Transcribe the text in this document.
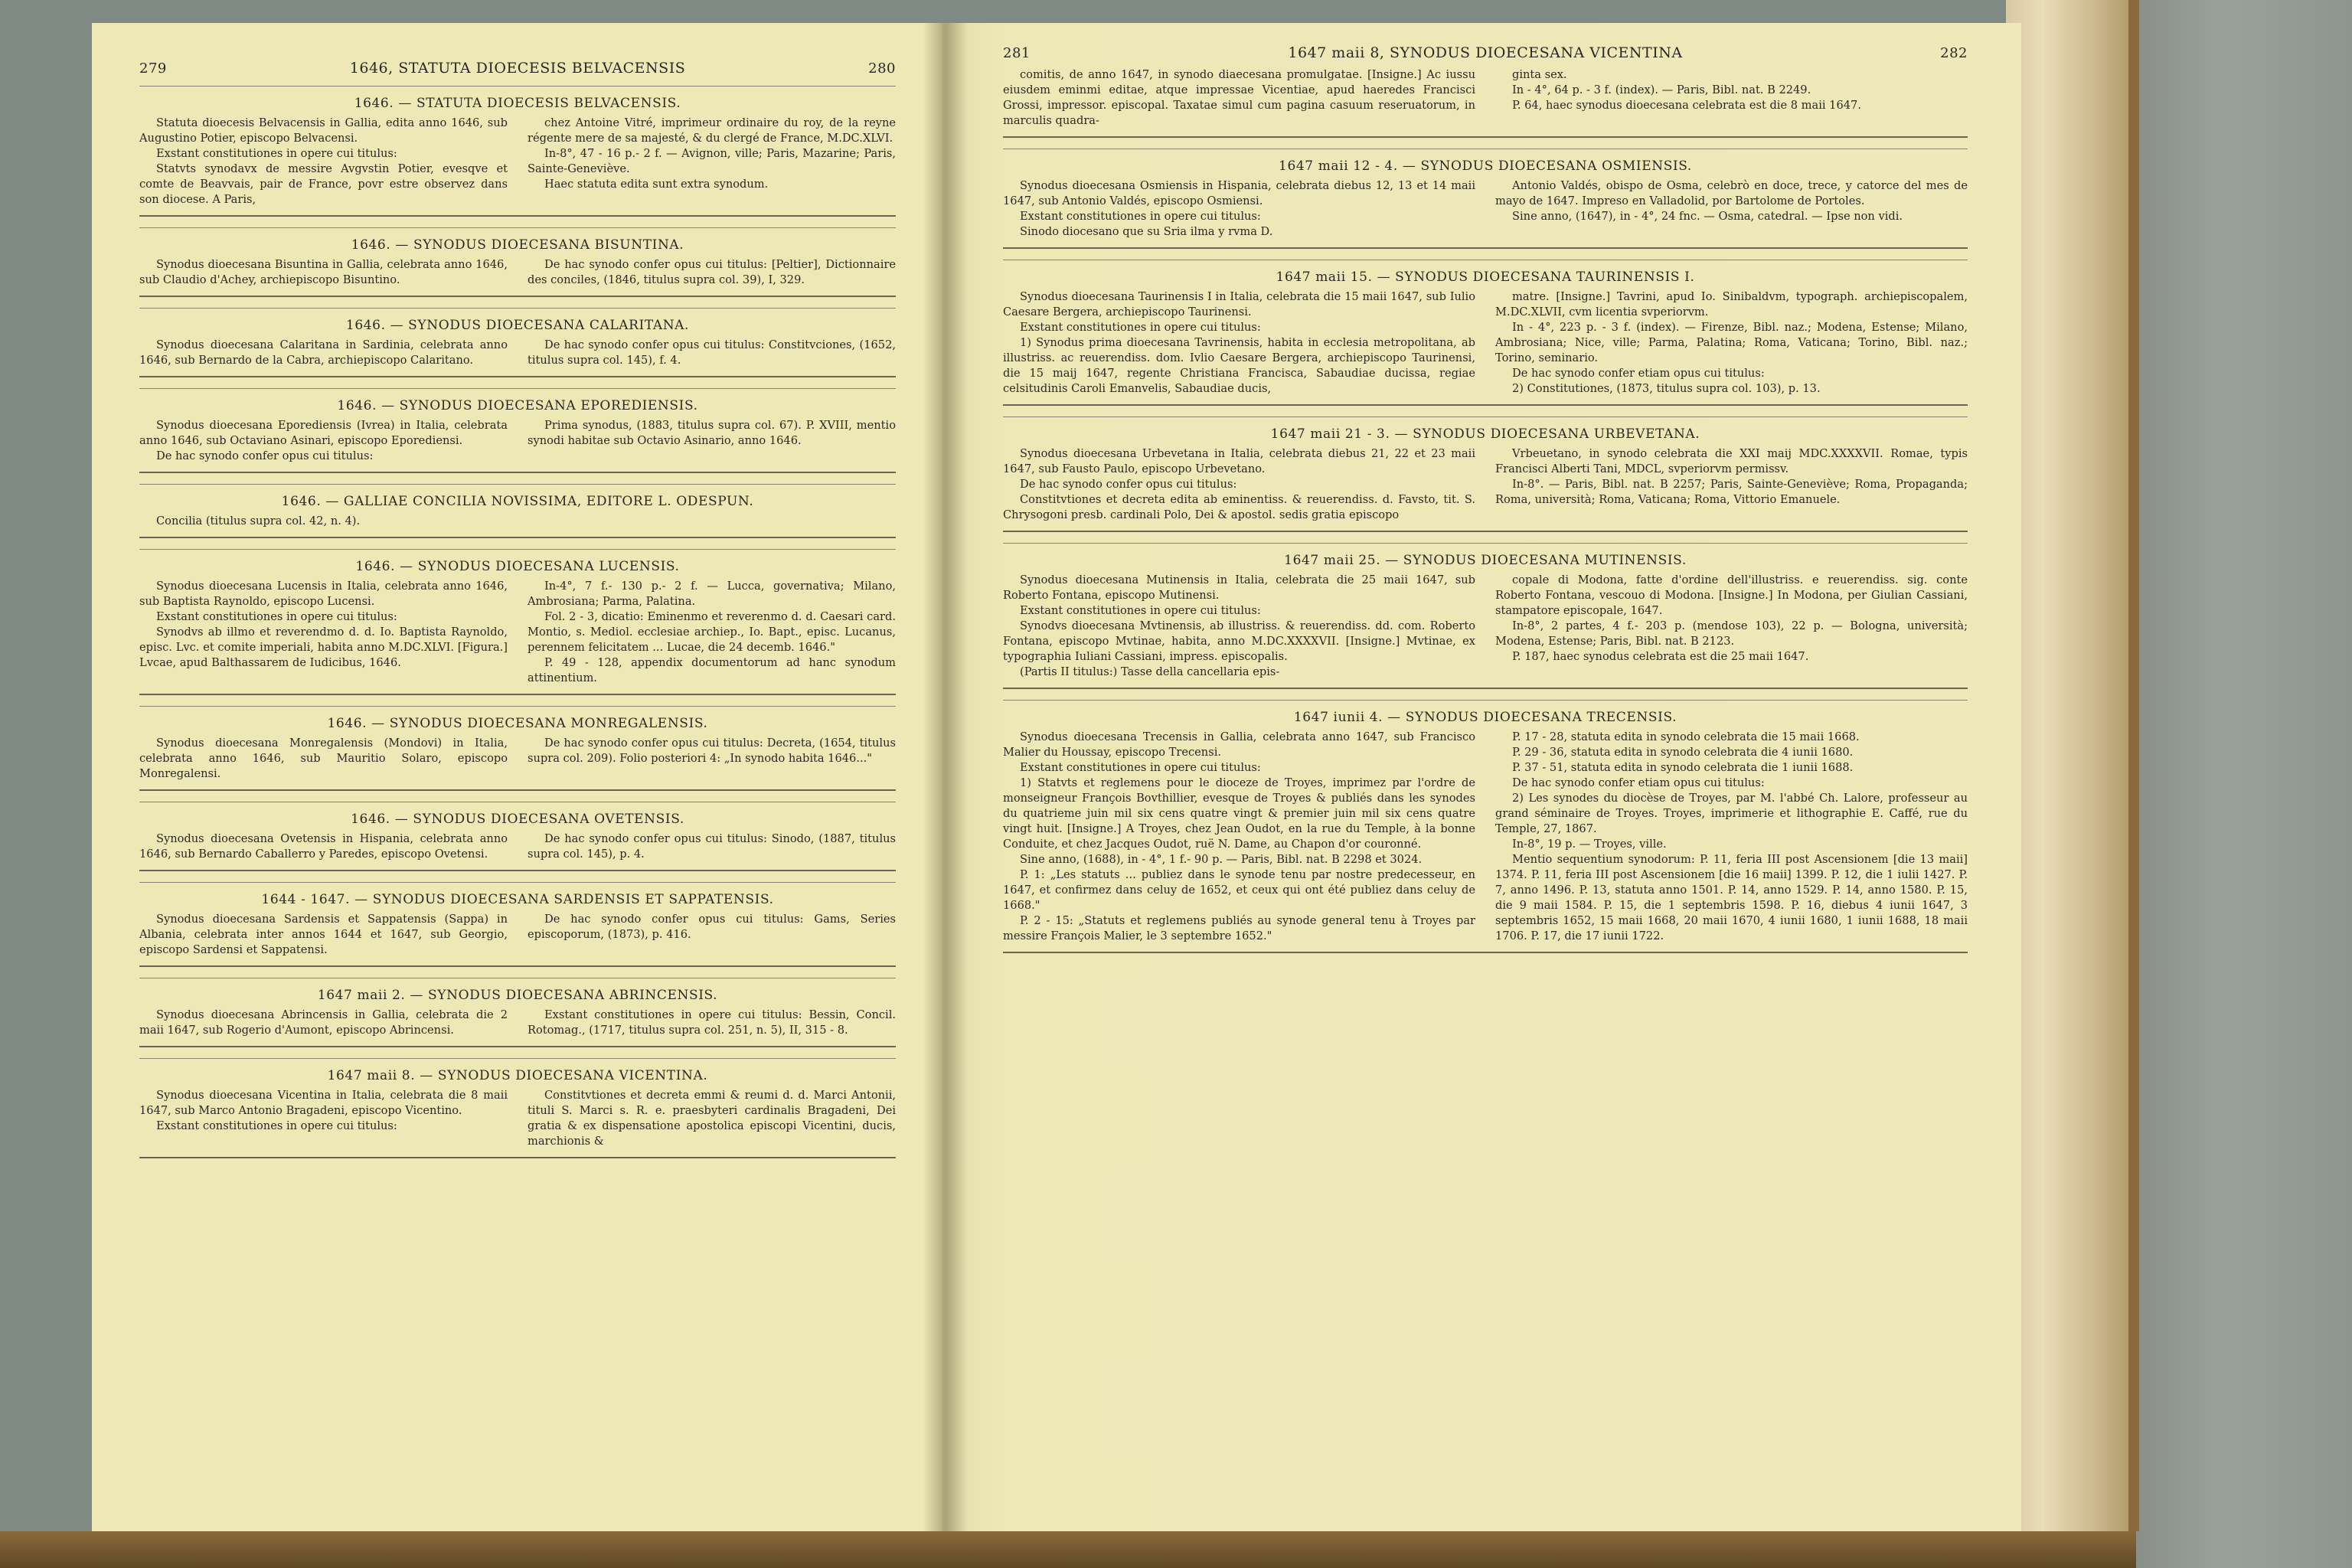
279	1646, STATUTA DIOECESIS BELVACENSIS	280
1646. — STATUTA DIOECESIS BELVACENSIS.

Statuta dioecesis Belvacensis in Gallia, edita anno 1646, sub Augustino Potier, episcopo Belvacensi.

Exstant constitutiones in opere cui titulus:

Statvts synodavx de messire Avgvstin Potier, evesqve et comte de Beavvais, pair de France, povr estre observez dans son diocese. A Paris,

chez Antoine Vitré, imprimeur ordinaire du roy, de la reyne régente mere de sa majesté, & du clergé de France, M.DC.XLVI.

In-8°, 47 - 16 p.- 2 f. — Avignon, ville; Paris, Mazarine; Paris, Sainte-Geneviève.

Haec statuta edita sunt extra synodum.

1646. — SYNODUS DIOECESANA BISUNTINA.

Synodus dioecesana Bisuntina in Gallia, celebrata anno 1646, sub Claudio d'Achey, archiepiscopo Bisuntino.

De hac synodo confer opus cui titulus: [Peltier], Dictionnaire des conciles, (1846, titulus supra col. 39), I, 329.

1646. — SYNODUS DIOECESANA CALARITANA.

Synodus dioecesana Calaritana in Sardinia, celebrata anno 1646, sub Bernardo de la Cabra, archiepiscopo Calaritano.

De hac synodo confer opus cui titulus: Constitvciones, (1652, titulus supra col. 145), f. 4.

1646. — SYNODUS DIOECESANA EPOREDIENSIS.

Synodus dioecesana Eporediensis (Ivrea) in Italia, celebrata anno 1646, sub Octaviano Asinari, episcopo Eporediensi.

De hac synodo confer opus cui titulus:

Prima synodus, (1883, titulus supra col. 67). P. XVIII, mentio synodi habitae sub Octavio Asinario, anno 1646.

1646. — GALLIAE CONCILIA NOVISSIMA, EDITORE L. ODESPUN.

Concilia (titulus supra col. 42, n. 4).

1646. — SYNODUS DIOECESANA LUCENSIS.

Synodus dioecesana Lucensis in Italia, celebrata anno 1646, sub Baptista Raynoldo, episcopo Lucensi.

Exstant constitutiones in opere cui titulus:

Synodvs ab illmo et reverendmo d. d. Io. Baptista Raynoldo, episc. Lvc. et comite imperiali, habita anno M.DC.XLVI. [Figura.] Lvcae, apud Balthassarem de Iudicibus, 1646.

In-4°, 7 f.- 130 p.- 2 f. — Lucca, governativa; Milano, Ambrosiana; Parma, Palatina.

Fol. 2 - 3, dicatio: Eminenmo et reverenmo d. d. Caesari card. Montio, s. Mediol. ecclesiae archiep., Io. Bapt., episc. Lucanus, perennem felicitatem ... Lucae, die 24 decemb. 1646."

P. 49 - 128, appendix documentorum ad hanc synodum attinentium.

1646. — SYNODUS DIOECESANA MONREGALENSIS.

Synodus dioecesana Monregalensis (Mondovi) in Italia, celebrata anno 1646, sub Mauritio Solaro, episcopo Monregalensi.

De hac synodo confer opus cui titulus: Decreta, (1654, titulus supra col. 209). Folio posteriori 4: „In synodo habita 1646..."

1646. — SYNODUS DIOECESANA OVETENSIS.

Synodus dioecesana Ovetensis in Hispania, celebrata anno 1646, sub Bernardo Caballerro y Paredes, episcopo Ovetensi.

De hac synodo confer opus cui titulus: Sinodo, (1887, titulus supra col. 145), p. 4.

1644 - 1647. — SYNODUS DIOECESANA SARDENSIS ET SAPPATENSIS.

Synodus dioecesana Sardensis et Sappatensis (Sappa) in Albania, celebrata inter annos 1644 et 1647, sub Georgio, episcopo Sardensi et Sappatensi.

De hac synodo confer opus cui titulus: Gams, Series episcoporum, (1873), p. 416.

1647 maii 2. — SYNODUS DIOECESANA ABRINCENSIS.

Synodus dioecesana Abrincensis in Gallia, celebrata die 2 maii 1647, sub Rogerio d'Aumont, episcopo Abrincensi.

Exstant constitutiones in opere cui titulus: Bessin, Concil. Rotomag., (1717, titulus supra col. 251, n. 5), II, 315 - 8.

1647 maii 8. — SYNODUS DIOECESANA VICENTINA.

Synodus dioecesana Vicentina in Italia, celebrata die 8 maii 1647, sub Marco Antonio Bragadeni, episcopo Vicentino.

Exstant constitutiones in opere cui titulus:

Constitvtiones et decreta emmi & reumi d. d. Marci Antonii, tituli S. Marci s. R. e. praesbyteri cardinalis Bragadeni, Dei gratia & ex dispensatione apostolica episcopi Vicentini, ducis, marchionis &

281	1647 maii 8, SYNODUS DIOECESANA VICENTINA	282

comitis, de anno 1647, in synodo diaecesana promulgatae. [Insigne.] Ac iussu eiusdem eminmi editae, atque impressae Vicentiae, apud haeredes Francisci Grossi, impressor. episcopal. Taxatae simul cum pagina casuum reseruatorum, in marculis quadra-

ginta sex.

In - 4°, 64 p. - 3 f. (index). — Paris, Bibl. nat. B 2249.

P. 64, haec synodus dioecesana celebrata est die 8 maii 1647.

1647 maii 12 - 4. — SYNODUS DIOECESANA OSMIENSIS.

Synodus dioecesana Osmiensis in Hispania, celebrata diebus 12, 13 et 14 maii 1647, sub Antonio Valdés, episcopo Osmiensi.

Exstant constitutiones in opere cui titulus:

Sinodo diocesano que su Sria ilma y rvma D.

Antonio Valdés, obispo de Osma, celebrò en doce, trece, y catorce del mes de mayo de 1647. Impreso en Valladolid, por Bartolome de Portoles.

Sine anno, (1647), in - 4°, 24 fnc. — Osma, catedral. — Ipse non vidi.

1647 maii 15. — SYNODUS DIOECESANA TAURINENSIS I.

Synodus dioecesana Taurinensis I in Italia, celebrata die 15 maii 1647, sub Iulio Caesare Bergera, archiepiscopo Taurinensi.

Exstant constitutiones in opere cui titulus:

1) Synodus prima dioecesana Tavrinensis, habita in ecclesia metropolitana, ab illustriss. ac reuerendiss. dom. Ivlio Caesare Bergera, archiepiscopo Taurinensi, die 15 maij 1647, regente Christiana Francisca, Sabaudiae ducissa, regiae celsitudinis Caroli Emanvelis, Sabaudiae ducis,

matre. [Insigne.] Tavrini, apud Io. Sinibaldvm, typograph. archiepiscopalem, M.DC.XLVII, cvm licentia svperiorvm.

In - 4°, 223 p. - 3 f. (index). — Firenze, Bibl. naz.; Modena, Estense; Milano, Ambrosiana; Nice, ville; Parma, Palatina; Roma, Vaticana; Torino, Bibl. naz.; Torino, seminario.

De hac synodo confer etiam opus cui titulus:

2) Constitutiones, (1873, titulus supra col. 103), p. 13.

1647 maii 21 - 3. — SYNODUS DIOECESANA URBEVETANA.

Synodus dioecesana Urbevetana in Italia, celebrata diebus 21, 22 et 23 maii 1647, sub Fausto Paulo, episcopo Urbevetano.

De hac synodo confer opus cui titulus:

Constitvtiones et decreta edita ab eminentiss. & reuerendiss. d. Favsto, tit. S. Chrysogoni presb. cardinali Polo, Dei & apostol. sedis gratia episcopo

Vrbeuetano, in synodo celebrata die XXI maij MDC.XXXXVII. Romae, typis Francisci Alberti Tani, MDCL, svperiorvm permissv.

In-8°. — Paris, Bibl. nat. B 2257; Paris, Sainte-Geneviève; Roma, Propaganda; Roma, università; Roma, Vaticana; Roma, Vittorio Emanuele.

1647 maii 25. — SYNODUS DIOECESANA MUTINENSIS.

Synodus dioecesana Mutinensis in Italia, celebrata die 25 maii 1647, sub Roberto Fontana, episcopo Mutinensi.

Exstant constitutiones in opere cui titulus:

Synodvs dioecesana Mvtinensis, ab illustriss. & reuerendiss. dd. com. Roberto Fontana, episcopo Mvtinae, habita, anno M.DC.XXXXVII. [Insigne.] Mvtinae, ex typographia Iuliani Cassiani, impress. episcopalis.

(Partis II titulus:) Tasse della cancellaria epis-

copale di Modona, fatte d'ordine dell'illustriss. e reuerendiss. sig. conte Roberto Fontana, vescouo di Modona. [Insigne.] In Modona, per Giulian Cassiani, stampatore episcopale, 1647.

In-8°, 2 partes, 4 f.- 203 p. (mendose 103), 22 p. — Bologna, università; Modena, Estense; Paris, Bibl. nat. B 2123.

P. 187, haec synodus celebrata est die 25 maii 1647.

1647 iunii 4. — SYNODUS DIOECESANA TRECENSIS.

Synodus dioecesana Trecensis in Gallia, celebrata anno 1647, sub Francisco Malier du Houssay, episcopo Trecensi.

Exstant constitutiones in opere cui titulus:

1) Statvts et reglemens pour le dioceze de Troyes, imprimez par l'ordre de monseigneur François Bovthillier, evesque de Troyes & publiés dans les synodes du quatrieme juin mil six cens quatre vingt & premier juin mil six cens quatre vingt huit. [Insigne.] A Troyes, chez Jean Oudot, en la rue du Temple, à la bonne Conduite, et chez Jacques Oudot, ruë N. Dame, au Chapon d'or couronné.

Sine anno, (1688), in - 4°, 1 f.- 90 p. — Paris, Bibl. nat. B 2298 et 3024.

P. 1: „Les statuts ... publiez dans le synode tenu par nostre predecesseur, en 1647, et confirmez dans celuy de 1652, et ceux qui ont été publiez dans celuy de 1668."

P. 2 - 15: „Statuts et reglemens publiés au synode general tenu à Troyes par messire François Malier, le 3 septembre 1652."

P. 17 - 28, statuta edita in synodo celebrata die 15 maii 1668.

P. 29 - 36, statuta edita in synodo celebrata die 4 iunii 1680.

P. 37 - 51, statuta edita in synodo celebrata die 1 iunii 1688.

De hac synodo confer etiam opus cui titulus:

2) Les synodes du diocèse de Troyes, par M. l'abbé Ch. Lalore, professeur au grand séminaire de Troyes. Troyes, imprimerie et lithographie E. Caffé, rue du Temple, 27, 1867.

In-8°, 19 p. — Troyes, ville.

Mentio sequentium synodorum: P. 11, feria III post Ascensionem [die 13 maii] 1374. P. 11, feria III post Ascensionem [die 16 maii] 1399. P. 12, die 1 iulii 1427. P. 7, anno 1496. P. 13, statuta anno 1501. P. 14, anno 1529. P. 14, anno 1580. P. 15, die 9 maii 1584. P. 15, die 1 septembris 1598. P. 16, diebus 4 iunii 1647, 3 septembris 1652, 15 maii 1668, 20 maii 1670, 4 iunii 1680, 1 iunii 1688, 18 maii 1706. P. 17, die 17 iunii 1722.
